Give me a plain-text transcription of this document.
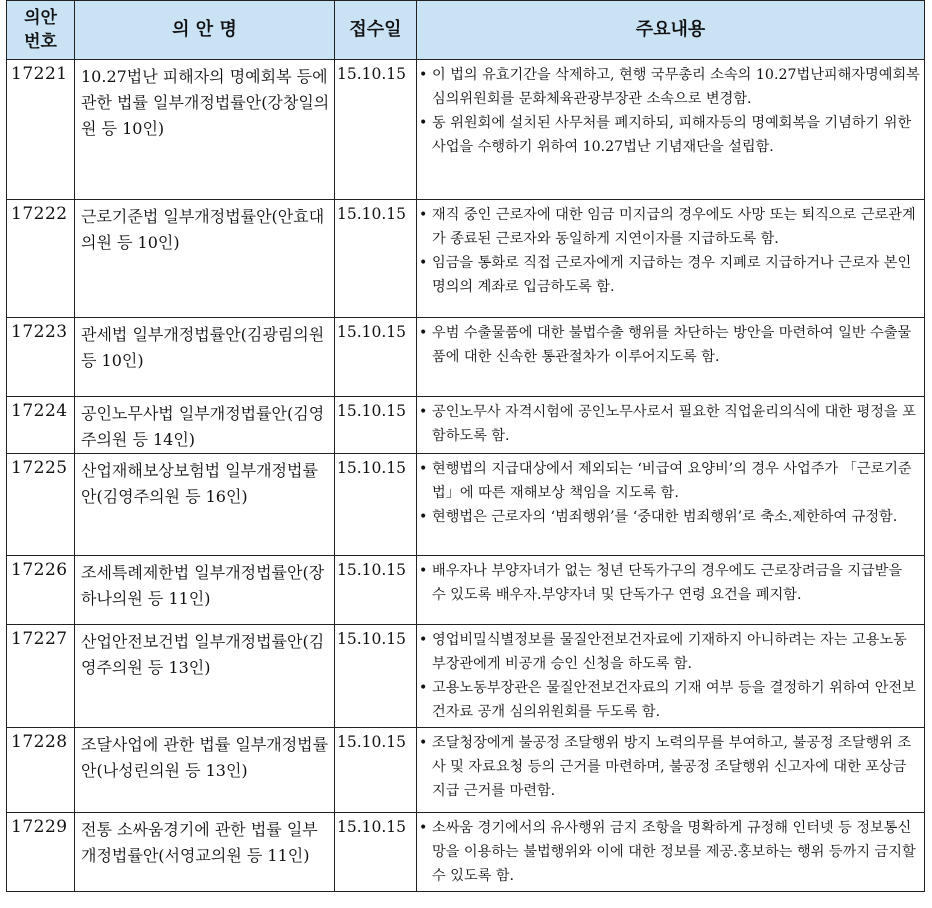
의안
번호	의 안 명	접수일	주요내용
17221	10.27법난 피해자의 명예회복 등에 관한 법률 일부개정법률안(강창일의원 등 10인)	15.10.15	• 이 법의 유효기간을 삭제하고, 현행 국무총리 소속의 10.27법난피해자명예회복심의위원회를 문화체육관광부장관 소속으로 변경함.
• 동 위원회에 설치된 사무처를 폐지하되, 피해자등의 명예회복을 기념하기 위한 사업을 수행하기 위하여 10.27법난 기념재단을 설립함.

17222	근로기준법 일부개정법률안(안효대의원 등 10인)	15.10.15	• 재직 중인 근로자에 대한 임금 미지급의 경우에도 사망 또는 퇴직으로 근로관계가 종료된 근로자와 동일하게 지연이자를 지급하도록 함.
• 임금을 통화로 직접 근로자에게 지급하는 경우 지폐로 지급하거나 근로자 본인 명의의 계좌로 입금하도록 함.

17223	관세법 일부개정법률안(김광림의원 등 10인)	15.10.15	• 우범 수출물품에 대한 불법수출 행위를 차단하는 방안을 마련하여 일반 수출물품에 대한 신속한 통관절차가 이루어지도록 함.

17224	공인노무사법 일부개정법률안(김영주의원 등 14인)	15.10.15	• 공인노무사 자격시험에 공인노무사로서 필요한 직업윤리의식에 대한 평정을 포함하도록 함.

17225	산업재해보상보험법 일부개정법률안(김영주의원 등 16인)	15.10.15	• 현행법의 지급대상에서 제외되는 ‘비급여 요양비’의 경우 사업주가 「근로기준법」에 따른 재해보상 책임을 지도록 함.
• 현행법은 근로자의 ‘범죄행위’를 ‘중대한 범죄행위’로 축소.제한하여 규정함.

17226	조세특례제한법 일부개정법률안(장하나의원 등 11인)	15.10.15	• 배우자나 부양자녀가 없는 청년 단독가구의 경우에도 근로장려금을 지급받을 수 있도록 배우자.부양자녀 및 단독가구 연령 요건을 폐지함.

17227	산업안전보건법 일부개정법률안(김영주의원 등 13인)	15.10.15	• 영업비밀식별정보를 물질안전보건자료에 기재하지 아니하려는 자는 고용노동부장관에게 비공개 승인 신청을 하도록 함.
• 고용노동부장관은 물질안전보건자료의 기재 여부 등을 결정하기 위하여 안전보건자료 공개 심의위원회를 두도록 함.

17228	조달사업에 관한 법률 일부개정법률안(나성린의원 등 13인)	15.10.15	• 조달청장에게 불공정 조달행위 방지 노력의무를 부여하고, 불공정 조달행위 조사 및 자료요청 등의 근거를 마련하며, 불공정 조달행위 신고자에 대한 포상금 지급 근거를 마련함.

17229	전통 소싸움경기에 관한 법률 일부개정법률안(서영교의원 등 11인)	15.10.15	• 소싸움 경기에서의 유사행위 금지 조항을 명확하게 규정해 인터넷 등 정보통신망을 이용하는 불법행위와 이에 대한 정보를 제공.홍보하는 행위 등까지 금지할 수 있도록 함.
